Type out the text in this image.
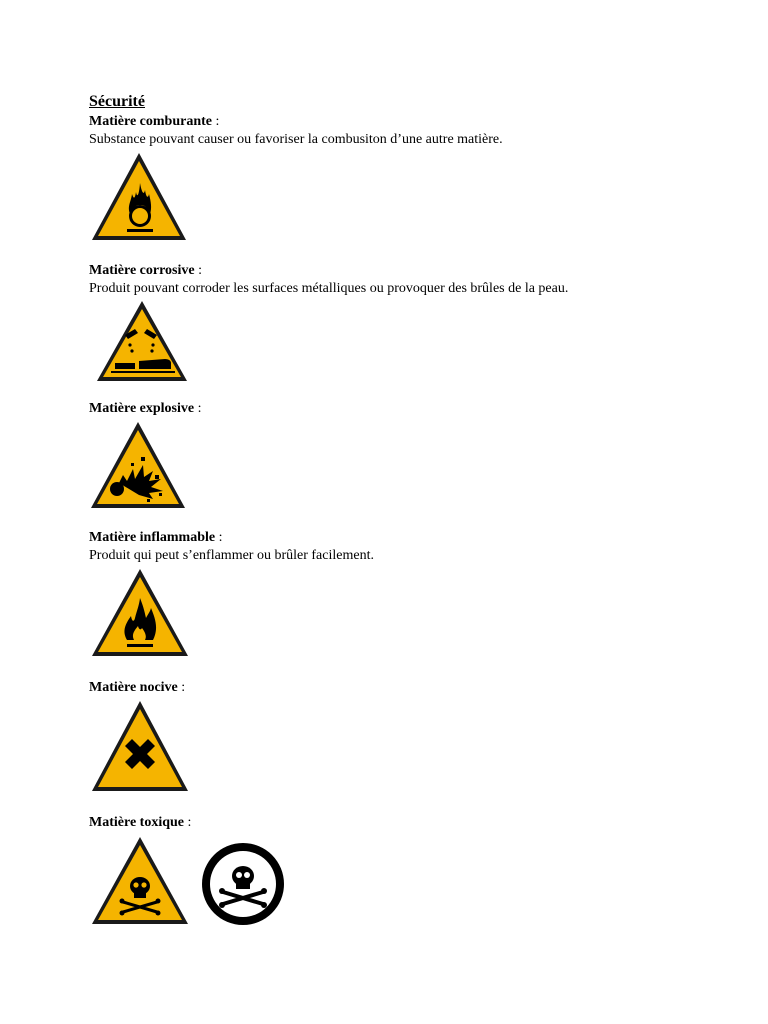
Sécurité
Matière comburante :
Substance pouvant causer ou favoriser la combusiton d’une autre matière.
Matière corrosive :
Produit pouvant corroder les surfaces métalliques ou provoquer des brûles de la peau.
Matière explosive :
Matière inflammable :
Produit qui peut s’enflammer ou brûler facilement.
Matière nocive :
Matière toxique :
